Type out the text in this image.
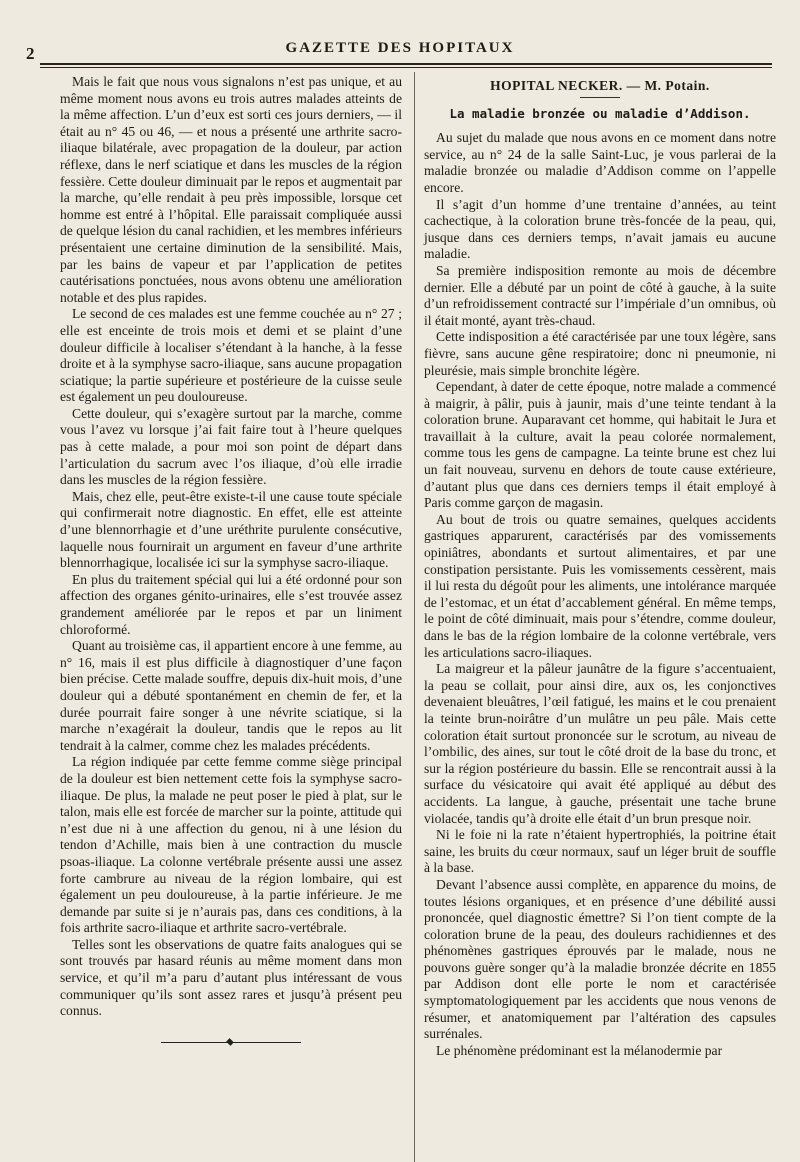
2	GAZETTE DES HOPITAUX

Mais le fait que nous vous signalons n’est pas unique, et au même moment nous avons eu trois autres malades atteints de la même affection. L’un d’eux est sorti ces jours derniers, — il était au n° 45 ou 46, — et nous a présenté une arthrite sacro-iliaque bilatérale, avec propagation de la douleur, par action réflexe, dans le nerf sciatique et dans les muscles de la région fessière. Cette douleur diminuait par le repos et augmentait par la marche, qu’elle rendait à peu près impossible, lorsque cet homme est entré à l’hôpital. Elle paraissait compliquée aussi de quelque lésion du canal rachidien, et les membres inférieurs présentaient une certaine diminution de la sensibilité. Mais, par les bains de vapeur et par l’application de petites cautérisations ponctuées, nous avons obtenu une amélioration notable et des plus rapides.

Le second de ces malades est une femme couchée au n° 27 ; elle est enceinte de trois mois et demi et se plaint d’une douleur difficile à localiser s’étendant à la hanche, à la fesse droite et à la symphyse sacro-iliaque, sans aucune propagation sciatique; la partie supérieure et postérieure de la cuisse seule est également un peu douloureuse.

Cette douleur, qui s’exagère surtout par la marche, comme vous l’avez vu lorsque j’ai fait faire tout à l’heure quelques pas à cette malade, a pour moi son point de départ dans l’articulation du sacrum avec l’os iliaque, d’où elle irradie dans les muscles de la région fessière.

Mais, chez elle, peut-être existe-t-il une cause toute spéciale qui confirmerait notre diagnostic. En effet, elle est atteinte d’une blennorrhagie et d’une uréthrite purulente consécutive, laquelle nous fournirait un argument en faveur d’une arthrite blennorrhagique, localisée ici sur la symphyse sacro-iliaque.

En plus du traitement spécial qui lui a été ordonné pour son affection des organes génito-urinaires, elle s’est trouvée assez grandement améliorée par le repos et par un liniment chloroformé.

Quant au troisième cas, il appartient encore à une femme, au n° 16, mais il est plus difficile à diagnostiquer d’une façon bien précise. Cette malade souffre, depuis dix-huit mois, d’une douleur qui a débuté spontanément en chemin de fer, et la durée pourrait faire songer à une névrite sciatique, si la marche n’exagérait la douleur, tandis que le repos au lit tendrait à la calmer, comme chez les malades précédents.

La région indiquée par cette femme comme siège principal de la douleur est bien nettement cette fois la symphyse sacro-iliaque. De plus, la malade ne peut poser le pied à plat, sur le talon, mais elle est forcée de marcher sur la pointe, attitude qui n’est due ni à une affection du genou, ni à une lésion du tendon d’Achille, mais bien à une contraction du muscle psoas-iliaque. La colonne vertébrale présente aussi une assez forte cambrure au niveau de la région lombaire, qui est également un peu douloureuse, à la partie inférieure. Je me demande par suite si je n’aurais pas, dans ces conditions, à la fois arthrite sacro-iliaque et arthrite sacro-vertébrale.

Telles sont les observations de quatre faits analogues qui se sont trouvés par hasard réunis au même moment dans mon service, et qu’il m’a paru d’autant plus intéressant de vous communiquer qu’ils sont assez rares et jusqu’à présent peu connus.

HOPITAL NECKER. — M. Potain.
La maladie bronzée ou maladie d’Addison.

Au sujet du malade que nous avons en ce moment dans notre service, au n° 24 de la salle Saint-Luc, je vous parlerai de la maladie bronzée ou maladie d’Addison comme on l’appelle encore.

Il s’agit d’un homme d’une trentaine d’années, au teint cachectique, à la coloration brune très-foncée de la peau, qui, jusque dans ces derniers temps, n’avait jamais eu aucune maladie.

Sa première indisposition remonte au mois de décembre dernier. Elle a débuté par un point de côté à gauche, à la suite d’un refroidissement contracté sur l’impériale d’un omnibus, où il était monté, ayant très-chaud.

Cette indisposition a été caractérisée par une toux légère, sans fièvre, sans aucune gêne respiratoire; donc ni pneumonie, ni pleurésie, mais simple bronchite légère.

Cependant, à dater de cette époque, notre malade a commencé à maigrir, à pâlir, puis à jaunir, mais d’une teinte tendant à la coloration brune. Auparavant cet homme, qui habitait le Jura et travaillait à la culture, avait la peau colorée normalement, comme tous les gens de campagne. La teinte brune est chez lui un fait nouveau, survenu en dehors de toute cause extérieure, d’autant plus que dans ces derniers temps il était employé à Paris comme garçon de magasin.

Au bout de trois ou quatre semaines, quelques accidents gastriques apparurent, caractérisés par des vomissements opiniâtres, abondants et surtout alimentaires, et par une constipation persistante. Puis les vomissements cessèrent, mais il lui resta du dégoût pour les aliments, une intolérance marquée de l’estomac, et un état d’accablement général. En même temps, le point de côté diminuait, mais pour s’étendre, comme douleur, dans le bas de la région lombaire de la colonne vertébrale, vers les articulations sacro-iliaques.

La maigreur et la pâleur jaunâtre de la figure s’accentuaient, la peau se collait, pour ainsi dire, aux os, les conjonctives devenaient bleuâtres, l’œil fatigué, les mains et le cou prenaient la teinte brun-noirâtre d’un mulâtre un peu pâle. Mais cette coloration était surtout prononcée sur le scrotum, au niveau de l’ombilic, des aines, sur tout le côté droit de la base du tronc, et sur la région postérieure du bassin. Elle se rencontrait aussi à la surface du vésicatoire qui avait été appliqué au début des accidents. La langue, à gauche, présentait une tache brune violacée, tandis qu’à droite elle était d’un brun presque noir.

Ni le foie ni la rate n’étaient hypertrophiés, la poitrine était saine, les bruits du cœur normaux, sauf un léger bruit de souffle à la base.

Devant l’absence aussi complète, en apparence du moins, de toutes lésions organiques, et en présence d’une débilité aussi prononcée, quel diagnostic émettre? Si l’on tient compte de la coloration brune de la peau, des douleurs rachidiennes et des phénomènes gastriques éprouvés par le malade, nous ne pouvons guère songer qu’à la maladie bronzée décrite en 1855 par Addison dont elle porte le nom et caractérisée symptomatologiquement par les accidents que nous venons de résumer, et anatomiquement par l’altération des capsules surrénales.

Le phénomène prédominant est la mélanodermie par
